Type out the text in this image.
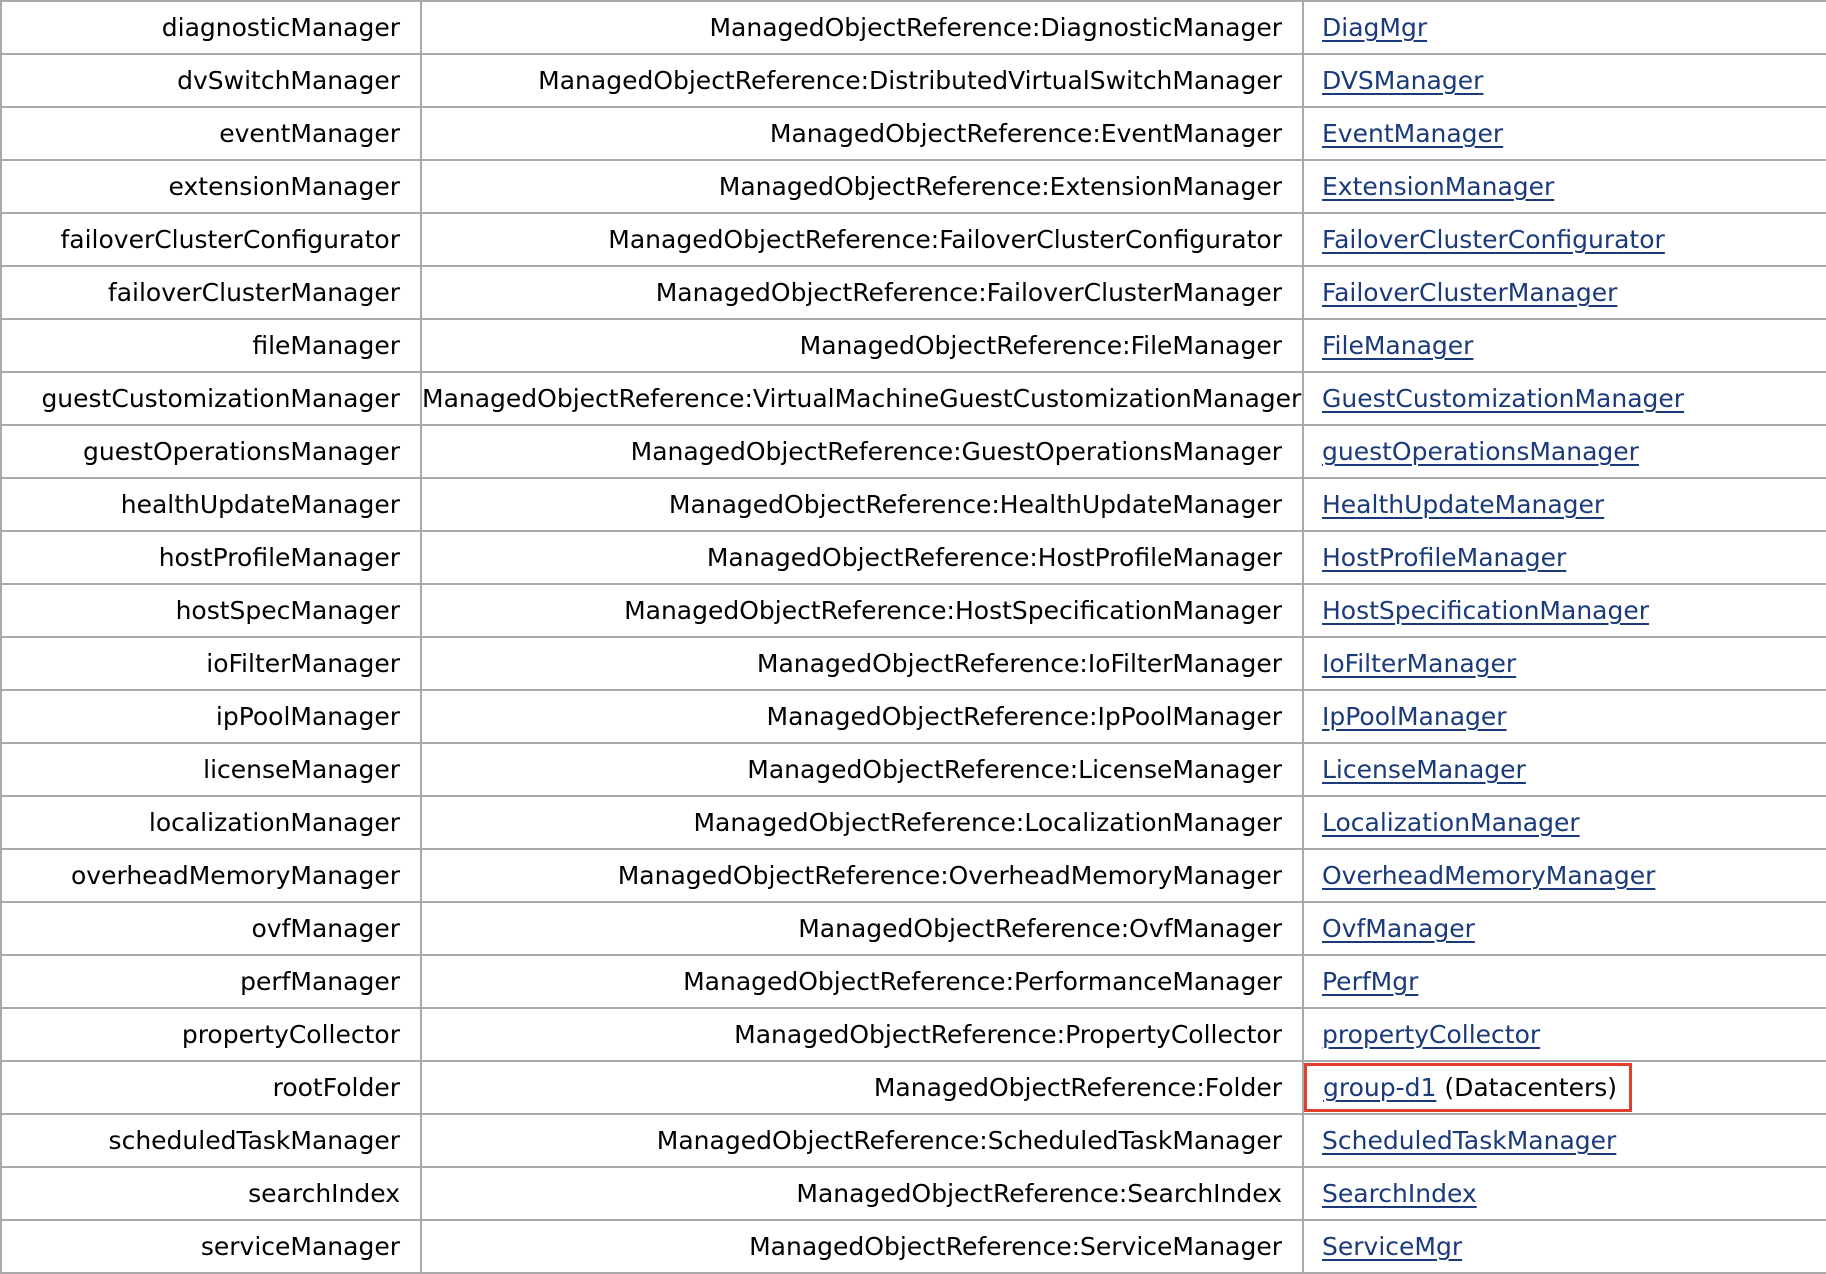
diagnosticManager	ManagedObjectReference:DiagnosticManager	DiagMgr
dvSwitchManager	ManagedObjectReference:DistributedVirtualSwitchManager	DVSManager
eventManager	ManagedObjectReference:EventManager	EventManager
extensionManager	ManagedObjectReference:ExtensionManager	ExtensionManager
failoverClusterConfigurator	ManagedObjectReference:FailoverClusterConfigurator	FailoverClusterConfigurator
failoverClusterManager	ManagedObjectReference:FailoverClusterManager	FailoverClusterManager
fileManager	ManagedObjectReference:FileManager	FileManager
guestCustomizationManager	ManagedObjectReference:VirtualMachineGuestCustomizationManager	GuestCustomizationManager
guestOperationsManager	ManagedObjectReference:GuestOperationsManager	guestOperationsManager
healthUpdateManager	ManagedObjectReference:HealthUpdateManager	HealthUpdateManager
hostProfileManager	ManagedObjectReference:HostProfileManager	HostProfileManager
hostSpecManager	ManagedObjectReference:HostSpecificationManager	HostSpecificationManager
ioFilterManager	ManagedObjectReference:IoFilterManager	IoFilterManager
ipPoolManager	ManagedObjectReference:IpPoolManager	IpPoolManager
licenseManager	ManagedObjectReference:LicenseManager	LicenseManager
localizationManager	ManagedObjectReference:LocalizationManager	LocalizationManager
overheadMemoryManager	ManagedObjectReference:OverheadMemoryManager	OverheadMemoryManager
ovfManager	ManagedObjectReference:OvfManager	OvfManager
perfManager	ManagedObjectReference:PerformanceManager	PerfMgr
propertyCollector	ManagedObjectReference:PropertyCollector	propertyCollector
rootFolder	ManagedObjectReference:Folder	group-d1 (Datacenters)
scheduledTaskManager	ManagedObjectReference:ScheduledTaskManager	ScheduledTaskManager
searchIndex	ManagedObjectReference:SearchIndex	SearchIndex
serviceManager	ManagedObjectReference:ServiceManager	ServiceMgr
